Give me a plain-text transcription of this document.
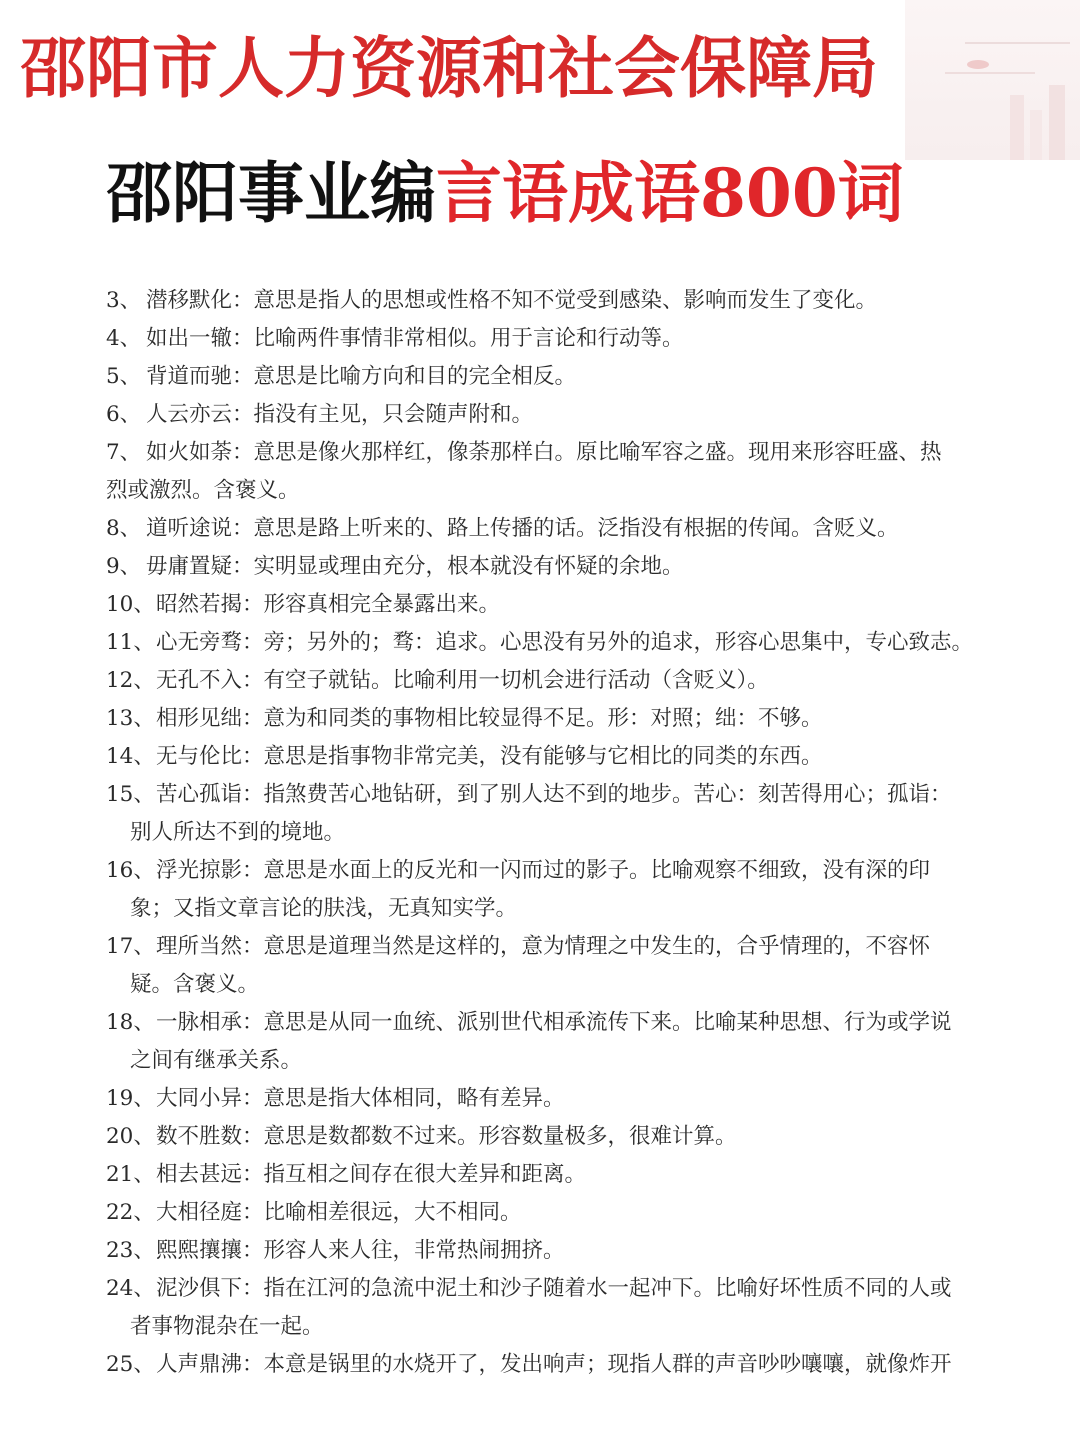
邵阳市人力资源和社会保障局
邵阳事业编言语成语800词
3、 潜移默化：意思是指人的思想或性格不知不觉受到感染、影响而发生了变化。
4、 如出一辙：比喻两件事情非常相似。用于言论和行动等。
5、 背道而驰：意思是比喻方向和目的完全相反。
6、 人云亦云：指没有主见，只会随声附和。
7、 如火如荼：意思是像火那样红，像荼那样白。原比喻军容之盛。现用来形容旺盛、热
烈或激烈。含褒义。
8、 道听途说：意思是路上听来的、路上传播的话。泛指没有根据的传闻。含贬义。
9、 毋庸置疑：实明显或理由充分，根本就没有怀疑的余地。
10、昭然若揭：形容真相完全暴露出来。
11、心无旁骛：旁；另外的；骛：追求。心思没有另外的追求，形容心思集中，专心致志。
12、无孔不入：有空子就钻。比喻利用一切机会进行活动（含贬义）。
13、相形见绌：意为和同类的事物相比较显得不足。形：对照；绌：不够。
14、无与伦比：意思是指事物非常完美，没有能够与它相比的同类的东西。
15、苦心孤诣：指煞费苦心地钻研，到了别人达不到的地步。苦心：刻苦得用心；孤诣：
别人所达不到的境地。
16、浮光掠影：意思是水面上的反光和一闪而过的影子。比喻观察不细致，没有深的印
象；又指文章言论的肤浅，无真知实学。
17、理所当然：意思是道理当然是这样的，意为情理之中发生的，合乎情理的，不容怀
疑。含褒义。
18、一脉相承：意思是从同一血统、派别世代相承流传下来。比喻某种思想、行为或学说
之间有继承关系。
19、大同小异：意思是指大体相同，略有差异。
20、数不胜数：意思是数都数不过来。形容数量极多，很难计算。
21、相去甚远：指互相之间存在很大差异和距离。
22、大相径庭：比喻相差很远，大不相同。
23、熙熙攘攘：形容人来人往，非常热闹拥挤。
24、泥沙俱下：指在江河的急流中泥土和沙子随着水一起冲下。比喻好坏性质不同的人或
者事物混杂在一起。
25、人声鼎沸：本意是锅里的水烧开了，发出响声；现指人群的声音吵吵嚷嚷，就像炸开
